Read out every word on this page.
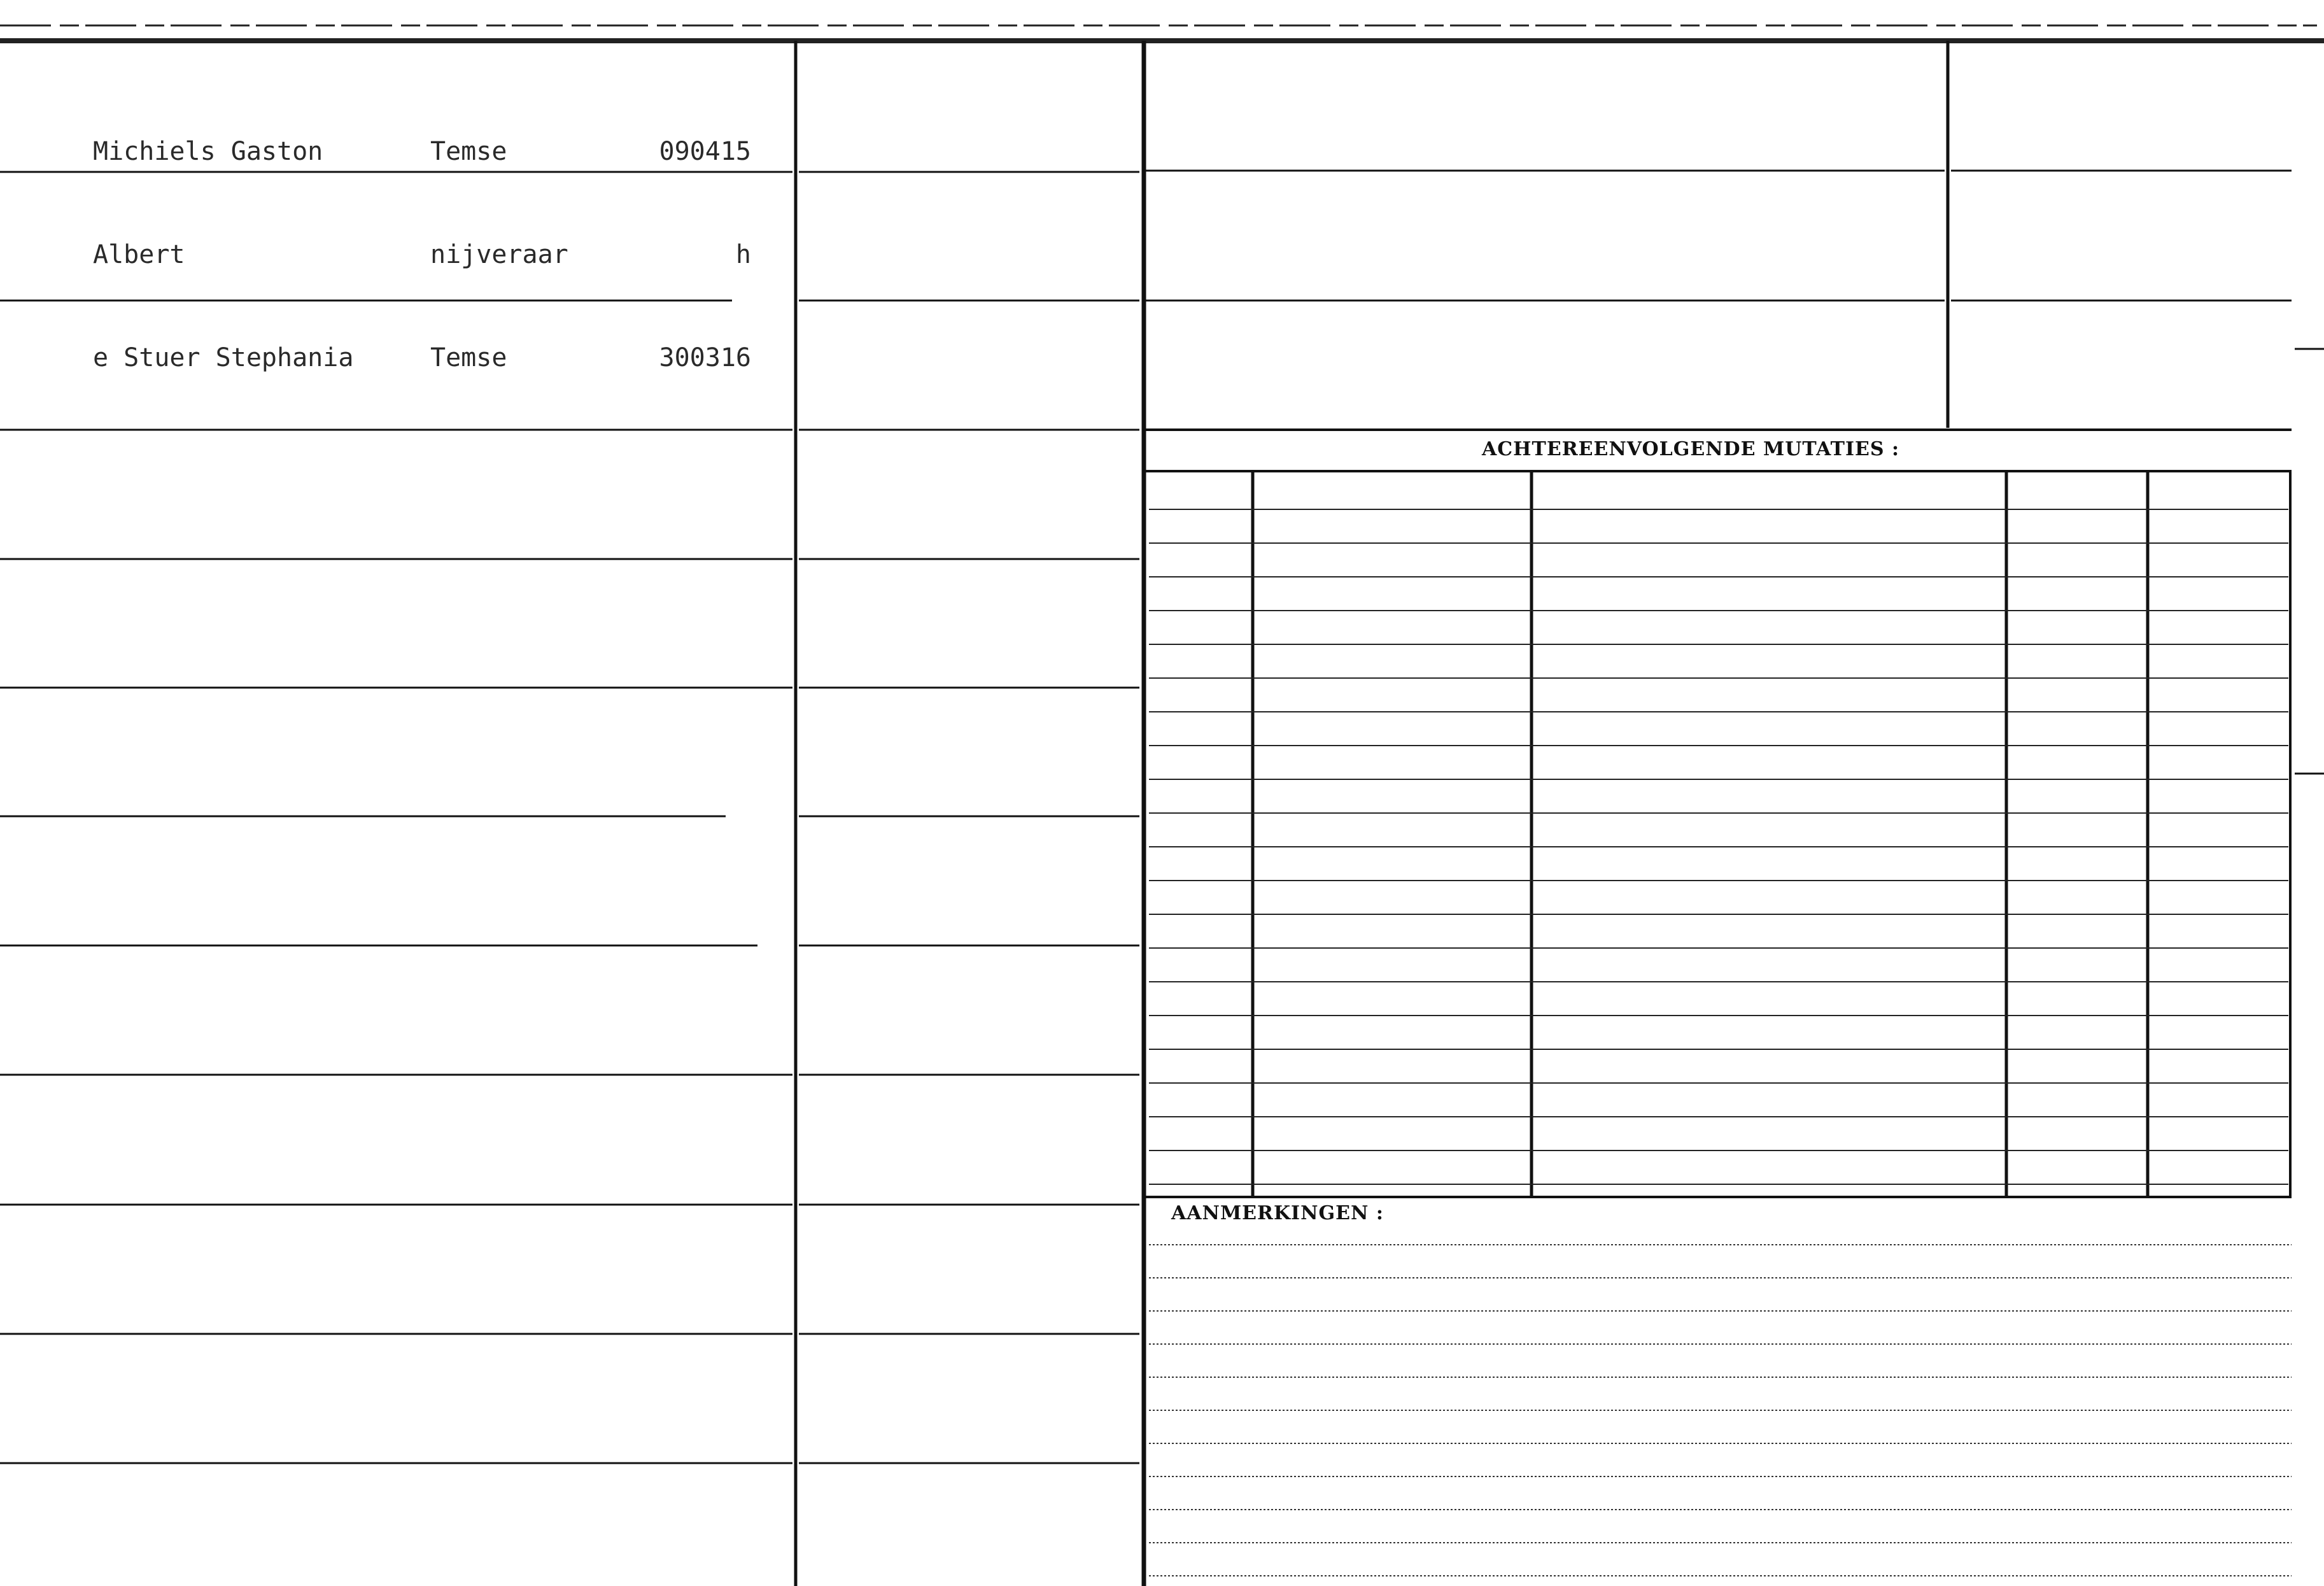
Michiels Gaston

Albert

e Stuer Stephania

Temse

nijveraar

Temse

090415

h

300316

ACHTEREENVOLGENDE MUTATIES :
AANMERKINGEN :
